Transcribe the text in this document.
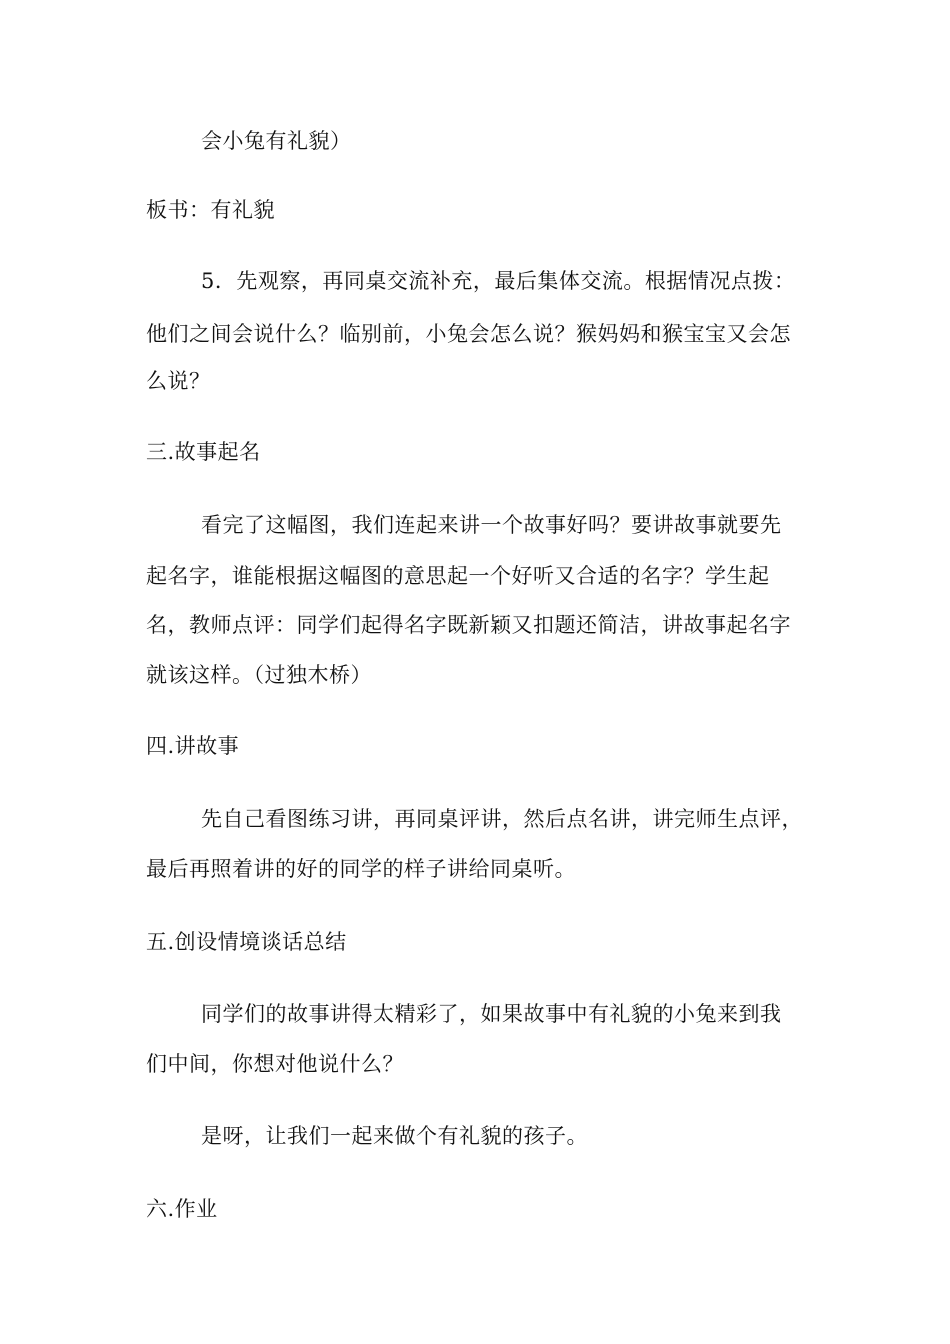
会小兔有礼貌）
板书：有礼貌
5．先观察，再同桌交流补充，最后集体交流。根据情况点拨：
他们之间会说什么？临别前，小兔会怎么说？猴妈妈和猴宝宝又会怎
么说？
三.故事起名
看完了这幅图，我们连起来讲一个故事好吗？要讲故事就要先
起名字，谁能根据这幅图的意思起一个好听又合适的名字？学生起
名，教师点评：同学们起得名字既新颖又扣题还简洁，讲故事起名字
就该这样。（过独木桥）
四.讲故事
先自己看图练习讲，再同桌评讲，然后点名讲，讲完师生点评，
最后再照着讲的好的同学的样子讲给同桌听。
五.创设情境谈话总结
同学们的故事讲得太精彩了，如果故事中有礼貌的小兔来到我
们中间，你想对他说什么？
是呀，让我们一起来做个有礼貌的孩子。
六.作业
